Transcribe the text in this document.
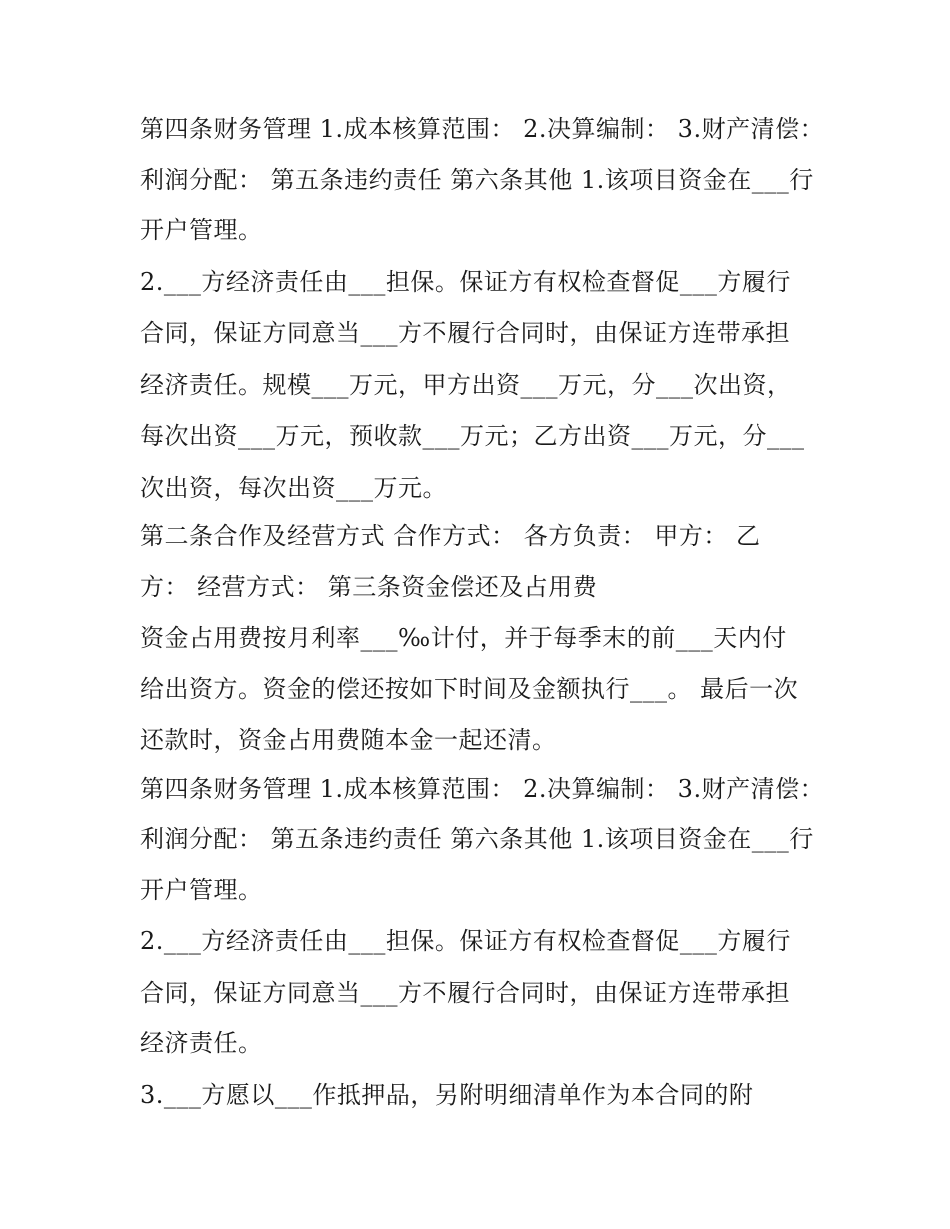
第四条财务管理 1.成本核算范围： 2.决算编制： 3.财产清偿：
利润分配： 第五条违约责任 第六条其他 1.该项目资金在___行
开户管理。
2.___方经济责任由___担保。保证方有权检查督促___方履行
合同，保证方同意当___方不履行合同时，由保证方连带承担
经济责任。规模___万元，甲方出资___万元，分___次出资，
每次出资___万元，预收款___万元；乙方出资___万元，分___
次出资，每次出资___万元。
第二条合作及经营方式 合作方式： 各方负责： 甲方： 乙
方： 经营方式： 第三条资金偿还及占用费
资金占用费按月利率___‰计付，并于每季末的前___天内付
给出资方。资金的偿还按如下时间及金额执行___。 最后一次
还款时，资金占用费随本金一起还清。
第四条财务管理 1.成本核算范围： 2.决算编制： 3.财产清偿：
利润分配： 第五条违约责任 第六条其他 1.该项目资金在___行
开户管理。
2.___方经济责任由___担保。保证方有权检查督促___方履行
合同，保证方同意当___方不履行合同时，由保证方连带承担
经济责任。
3.___方愿以___作抵押品，另附明细清单作为本合同的附
